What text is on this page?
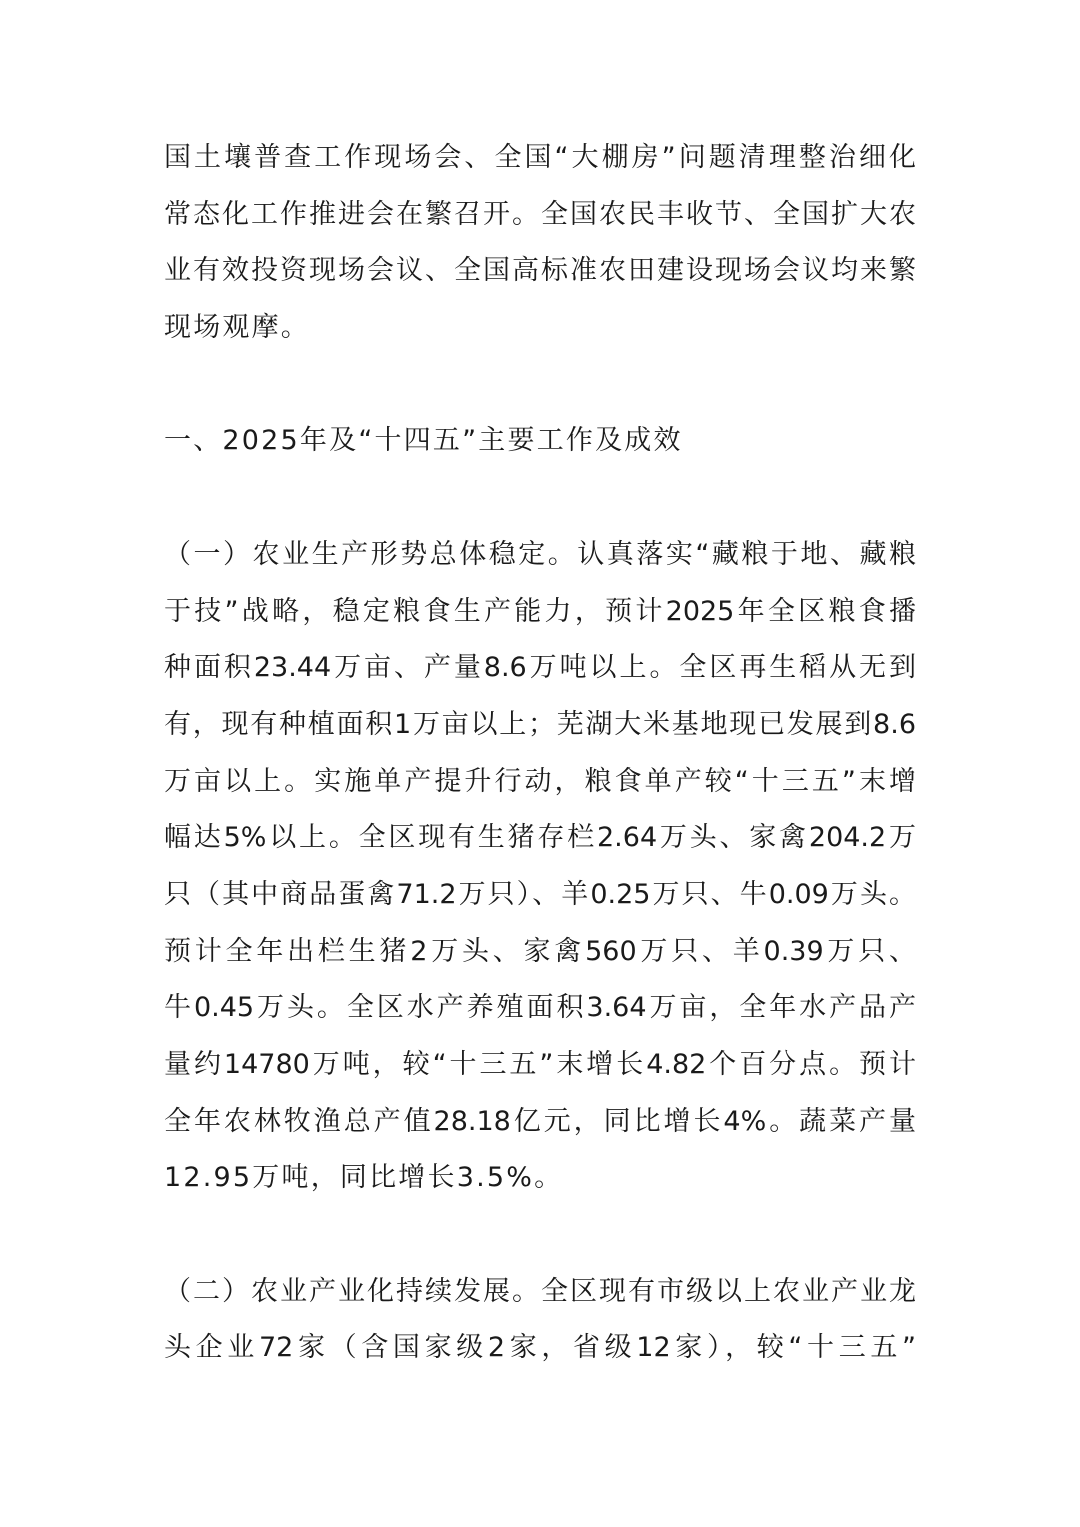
国土壤普查工作现场会、全国“大棚房”问题清理整治细化
常态化工作推进会在繁召开。全国农民丰收节、全国扩大农
业有效投资现场会议、全国高标准农田建设现场会议均来繁
现场观摩。
一、2025年及“十四五”主要工作及成效
（一）农业生产形势总体稳定。认真落实“藏粮于地、藏粮
于技”战略，稳定粮食生产能力，预计2025年全区粮食播
种面积23.44万亩、产量8.6万吨以上。全区再生稻从无到
有，现有种植面积1万亩以上；芜湖大米基地现已发展到8.6
万亩以上。实施单产提升行动，粮食单产较“十三五”末增
幅达5%以上。全区现有生猪存栏2.64万头、家禽204.2万
只（其中商品蛋禽71.2万只）、羊0.25万只、牛0.09万头。
预计全年出栏生猪2万头、家禽560万只、羊0.39万只、
牛0.45万头。全区水产养殖面积3.64万亩，全年水产品产
量约14780万吨，较“十三五”末增长4.82个百分点。预计
全年农林牧渔总产值28.18亿元，同比增长4%。蔬菜产量
12.95万吨，同比增长3.5%。
（二）农业产业化持续发展。全区现有市级以上农业产业龙
头企业72家（含国家级2家，省级12家），较“十三五”
